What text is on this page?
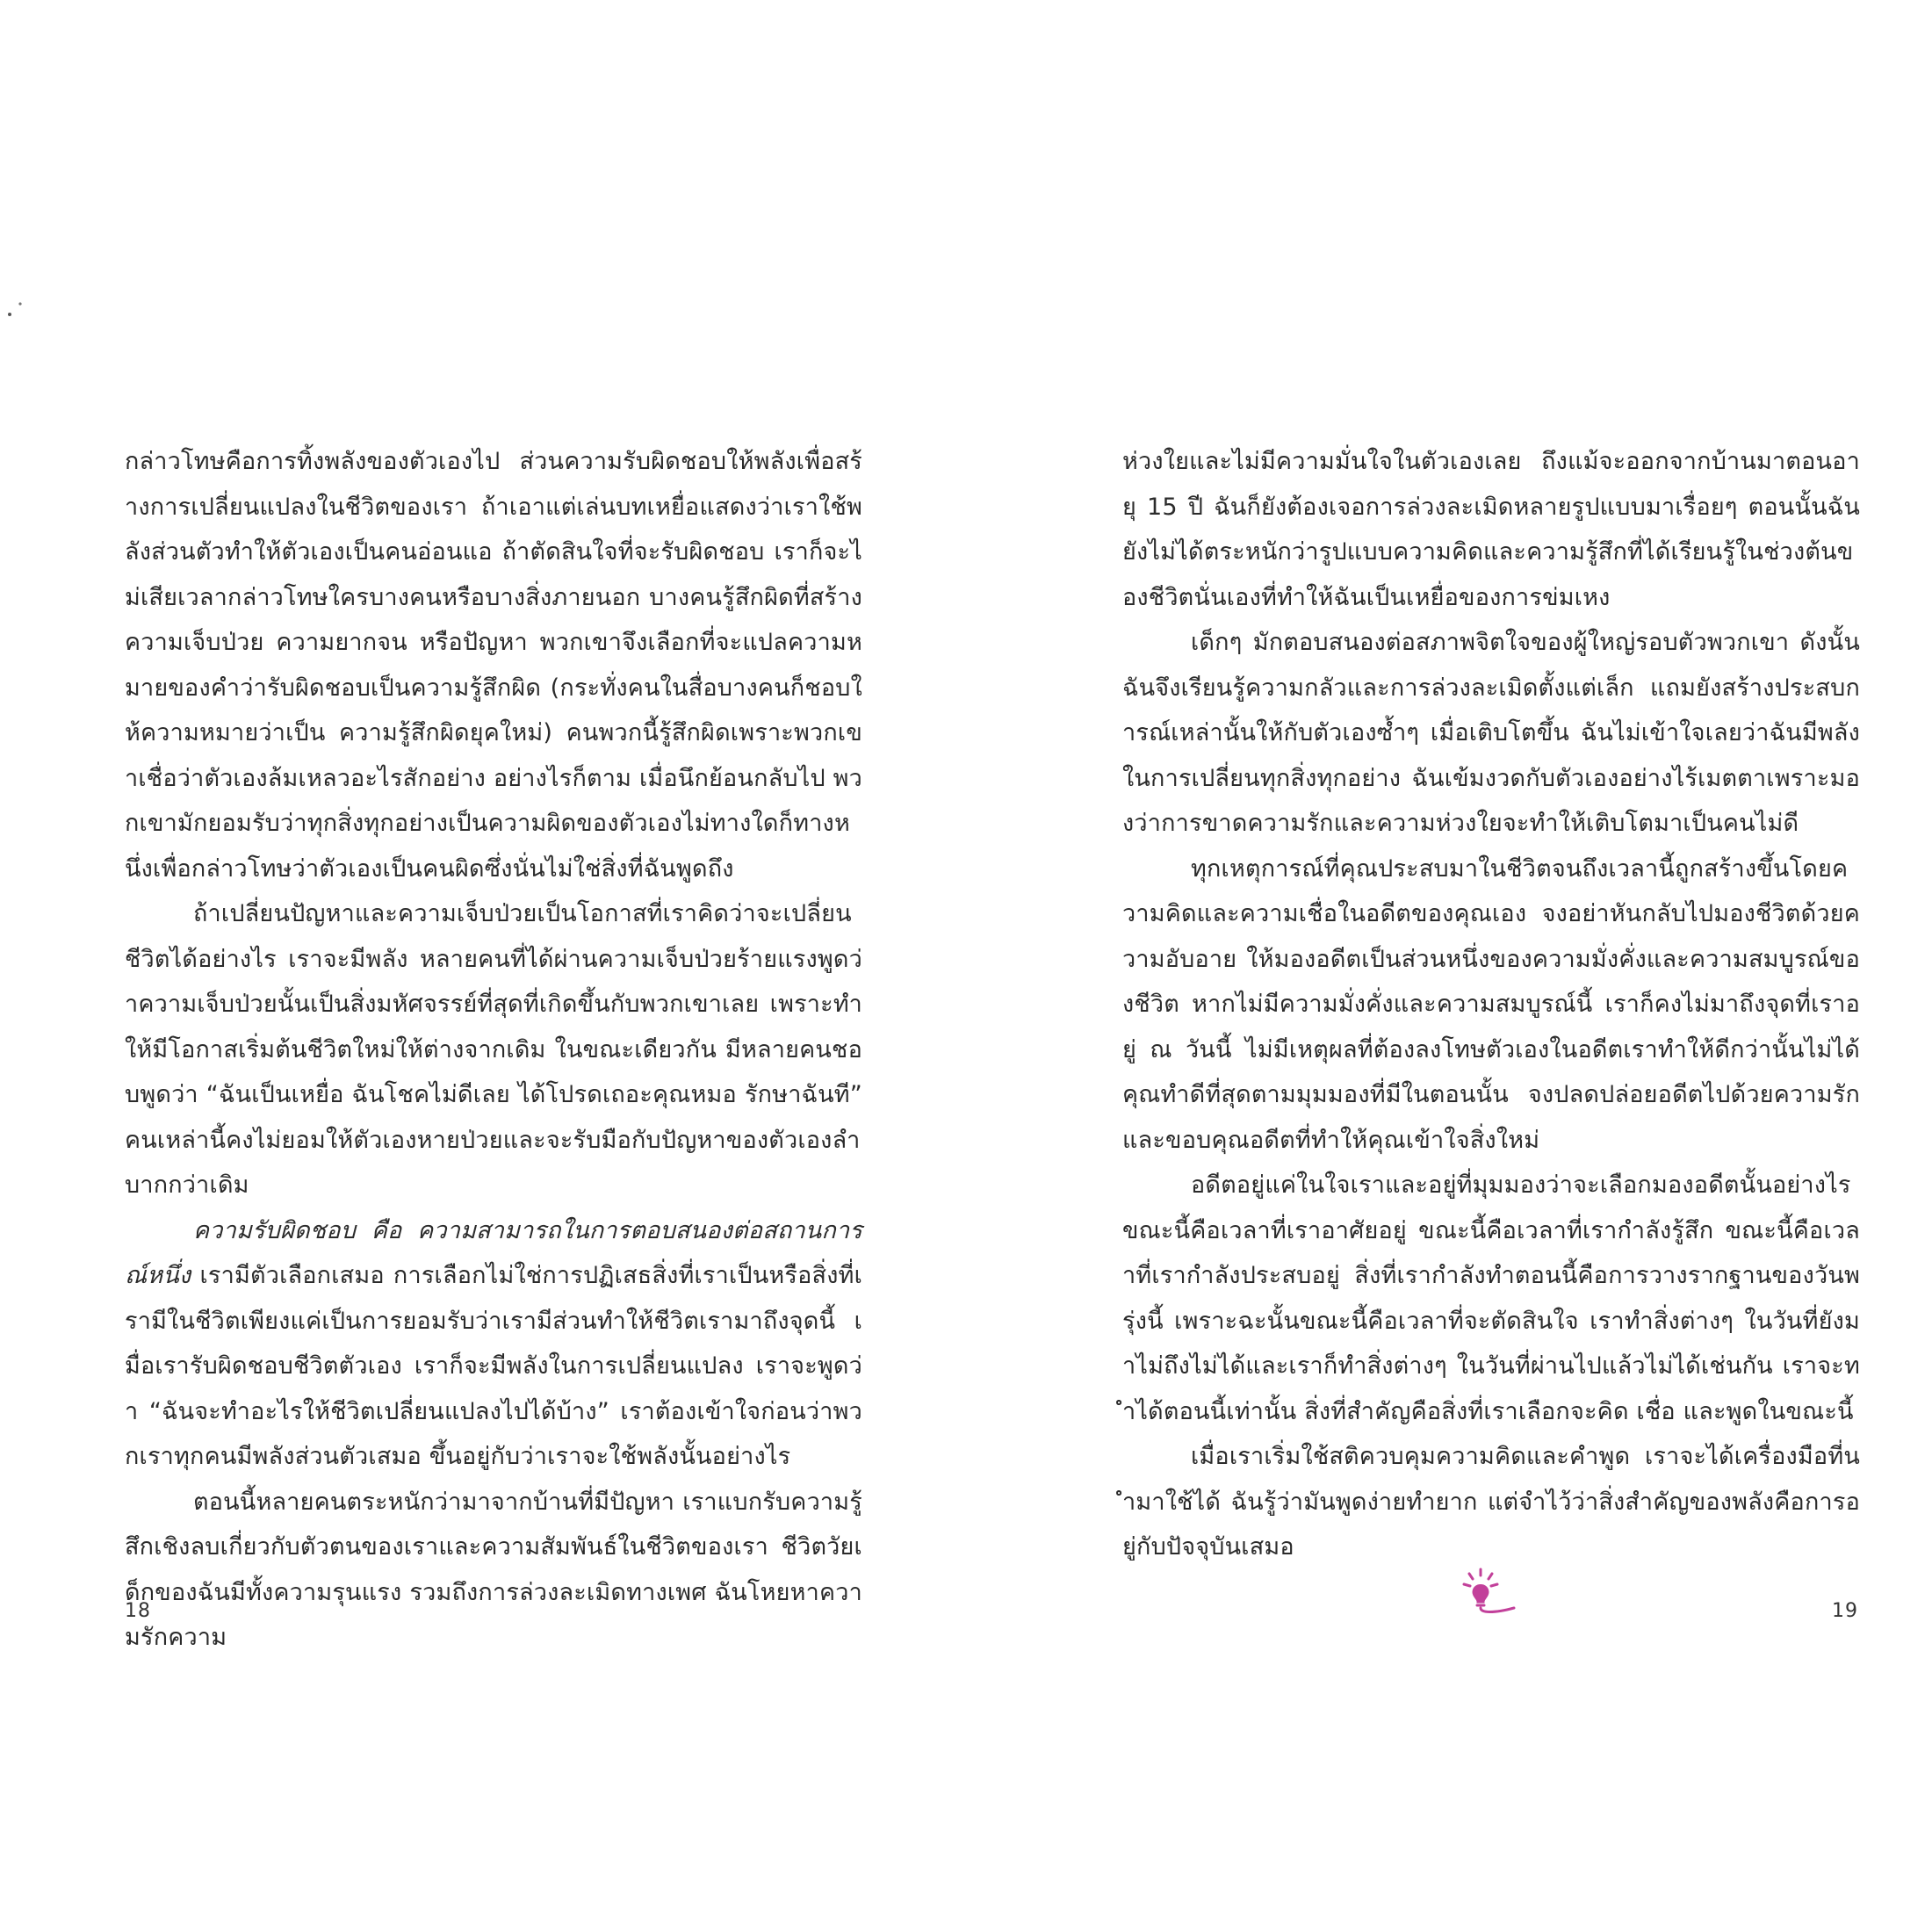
กล่าวโทษคือการทิ้งพลังของตัวเองไป ส่วนความรับผิดชอบให้พลังเพื่อสร้างการเปลี่ยนแปลงในชีวิตของเรา ถ้าเอาแต่เล่นบทเหยื่อแสดงว่าเราใช้พลังส่วนตัวทำให้ตัวเองเป็นคนอ่อนแอ ถ้าตัดสินใจที่จะรับผิดชอบ เราก็จะไม่เสียเวลากล่าวโทษใครบางคนหรือบางสิ่งภายนอก บางคนรู้สึกผิดที่สร้างความเจ็บป่วย ความยากจน หรือปัญหา พวกเขาจึงเลือกที่จะแปลความหมายของคำว่ารับผิดชอบเป็นความรู้สึกผิด (กระทั่งคนในสื่อบางคนก็ชอบให้ความหมายว่าเป็น ความรู้สึกผิดยุคใหม่) คนพวกนี้รู้สึกผิดเพราะพวกเขาเชื่อว่าตัวเองล้มเหลวอะไรสักอย่าง อย่างไรก็ตาม เมื่อนึกย้อนกลับไป พวกเขามักยอมรับว่าทุกสิ่งทุกอย่างเป็นความผิดของตัวเองไม่ทางใดก็ทางหนึ่งเพื่อกล่าวโทษว่าตัวเองเป็นคนผิดซึ่งนั่นไม่ใช่สิ่งที่ฉันพูดถึง

ถ้าเปลี่ยนปัญหาและความเจ็บป่วยเป็นโอกาสที่เราคิดว่าจะเปลี่ยนชีวิตได้อย่างไร เราจะมีพลัง หลายคนที่ได้ผ่านความเจ็บป่วยร้ายแรงพูดว่าความเจ็บป่วยนั้นเป็นสิ่งมหัศจรรย์ที่สุดที่เกิดขึ้นกับพวกเขาเลย เพราะทำให้มีโอกาสเริ่มต้นชีวิตใหม่ให้ต่างจากเดิม ในขณะเดียวกัน มีหลายคนชอบพูดว่า “ฉันเป็นเหยื่อ ฉันโชคไม่ดีเลย ได้โปรดเถอะคุณหมอ รักษาฉันที” คนเหล่านี้คงไม่ยอมให้ตัวเองหายป่วยและจะรับมือกับปัญหาของตัวเองลำบากกว่าเดิม

ความรับผิดชอบ คือ ความสามารถในการตอบสนองต่อสถานการณ์หนึ่ง เรามีตัวเลือกเสมอ การเลือกไม่ใช่การปฏิเสธสิ่งที่เราเป็นหรือสิ่งที่เรามีในชีวิตเพียงแค่เป็นการยอมรับว่าเรามีส่วนทำให้ชีวิตเรามาถึงจุดนี้ เมื่อเรารับผิดชอบชีวิตตัวเอง เราก็จะมีพลังในการเปลี่ยนแปลง เราจะพูดว่า “ฉันจะทำอะไรให้ชีวิตเปลี่ยนแปลงไปได้บ้าง” เราต้องเข้าใจก่อนว่าพวกเราทุกคนมีพลังส่วนตัวเสมอ ขึ้นอยู่กับว่าเราจะใช้พลังนั้นอย่างไร

ตอนนี้หลายคนตระหนักว่ามาจากบ้านที่มีปัญหา เราแบกรับความรู้สึกเชิงลบเกี่ยวกับตัวตนของเราและความสัมพันธ์ในชีวิตของเรา ชีวิตวัยเด็กของฉันมีทั้งความรุนแรง รวมถึงการล่วงละเมิดทางเพศ ฉันโหยหาความรักความ

18

ห่วงใยและไม่มีความมั่นใจในตัวเองเลย ถึงแม้จะออกจากบ้านมาตอนอายุ 15 ปี ฉันก็ยังต้องเจอการล่วงละเมิดหลายรูปแบบมาเรื่อยๆ ตอนนั้นฉันยังไม่ได้ตระหนักว่ารูปแบบความคิดและความรู้สึกที่ได้เรียนรู้ในช่วงต้นของชีวิตนั่นเองที่ทำให้ฉันเป็นเหยื่อของการข่มเหง

เด็กๆ มักตอบสนองต่อสภาพจิตใจของผู้ใหญ่รอบตัวพวกเขา ดังนั้น ฉันจึงเรียนรู้ความกลัวและการล่วงละเมิดตั้งแต่เล็ก แถมยังสร้างประสบการณ์เหล่านั้นให้กับตัวเองซ้ำๆ เมื่อเติบโตขึ้น ฉันไม่เข้าใจเลยว่าฉันมีพลังในการเปลี่ยนทุกสิ่งทุกอย่าง ฉันเข้มงวดกับตัวเองอย่างไร้เมตตาเพราะมองว่าการขาดความรักและความห่วงใยจะทำให้เติบโตมาเป็นคนไม่ดี

ทุกเหตุการณ์ที่คุณประสบมาในชีวิตจนถึงเวลานี้ถูกสร้างขึ้นโดยความคิดและความเชื่อในอดีตของคุณเอง จงอย่าหันกลับไปมองชีวิตด้วยความอับอาย ให้มองอดีตเป็นส่วนหนึ่งของความมั่งคั่งและความสมบูรณ์ของชีวิต หากไม่มีความมั่งคั่งและความสมบูรณ์นี้ เราก็คงไม่มาถึงจุดที่เราอยู่ ณ วันนี้ ไม่มีเหตุผลที่ต้องลงโทษตัวเองในอดีตเราทำให้ดีกว่านั้นไม่ได้ คุณทำดีที่สุดตามมุมมองที่มีในตอนนั้น จงปลดปล่อยอดีตไปด้วยความรักและขอบคุณอดีตที่ทำให้คุณเข้าใจสิ่งใหม่

อดีตอยู่แค่ในใจเราและอยู่ที่มุมมองว่าจะเลือกมองอดีตนั้นอย่างไร ขณะนี้คือเวลาที่เราอาศัยอยู่ ขณะนี้คือเวลาที่เรากำลังรู้สึก ขณะนี้คือเวลาที่เรากำลังประสบอยู่ สิ่งที่เรากำลังทำตอนนี้คือการวางรากฐานของวันพรุ่งนี้ เพราะฉะนั้นขณะนี้คือเวลาที่จะตัดสินใจ เราทำสิ่งต่างๆ ในวันที่ยังมาไม่ถึงไม่ได้และเราก็ทำสิ่งต่างๆ ในวันที่ผ่านไปแล้วไม่ได้เช่นกัน เราจะทำได้ตอนนี้เท่านั้น สิ่งที่สำคัญคือสิ่งที่เราเลือกจะคิด เชื่อ และพูดในขณะนี้

เมื่อเราเริ่มใช้สติควบคุมความคิดและคำพูด เราจะได้เครื่องมือที่นำมาใช้ได้ ฉันรู้ว่ามันพูดง่ายทำยาก แต่จำไว้ว่าสิ่งสำคัญของพลังคือการอยู่กับปัจจุบันเสมอ

19
